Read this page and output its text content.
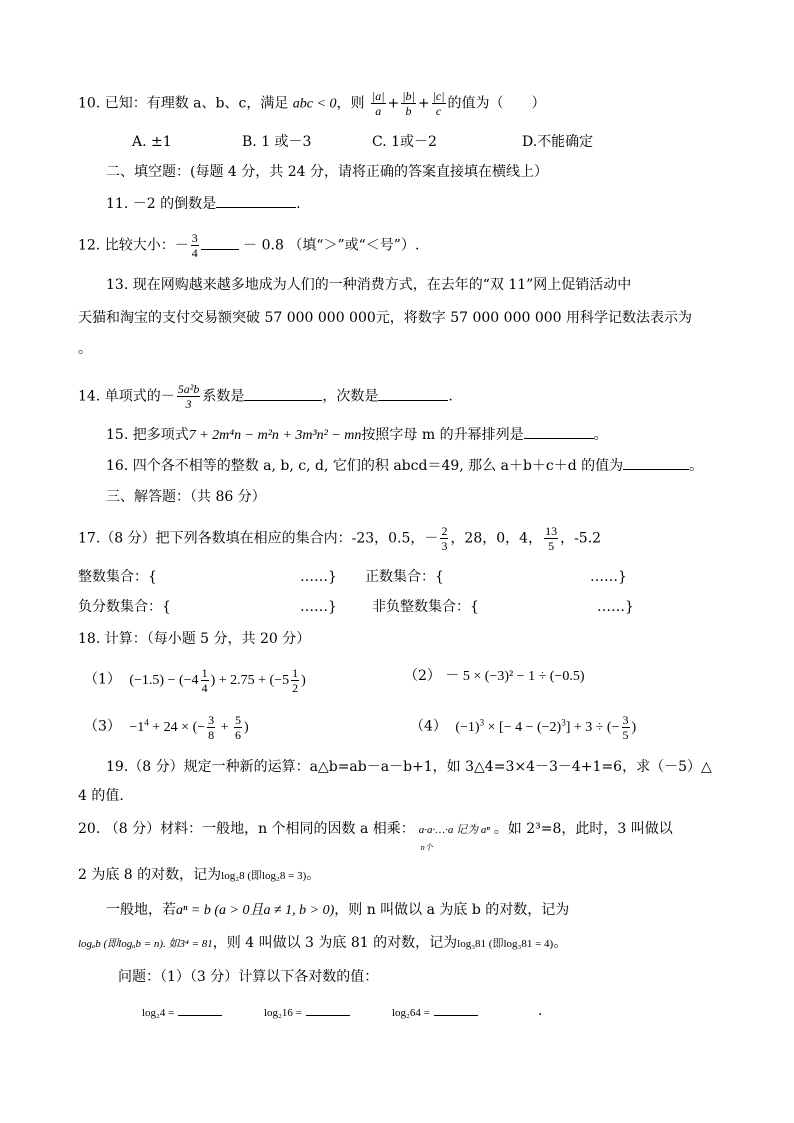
10. 已知：有理数 a、b、c，满足 abc < 0，则 $\frac{|a|}{a} + \frac{|b|}{b} + \frac{|c|}{c}$ 的值为（　　）
A. ±1	B. 1 或－3	C. 1或－2	D.不能确定
二、填空题：(每题 4 分，共 24 分，请将正确的答案直接填在横线上）
11. －2 的倒数是	.
12. 比较大小：－ $\frac{3}{4}$	－ 0.8 （填“＞”或“＜号”）.
13. 现在网购越来越多地成为人们的一种消费方式，在去年的“双 11”网上促销活动中
天猫和淘宝的支付交易额突破 57 000 000 000元，将数字 57 000 000 000 用科学记数法表示为
。
14. 单项式的－ $\frac{\text{5a²b}}{3}$ 系数是	，次数是	.
15. 把多项式7 + 2m⁴n − m²n + 3m³n² − mn按照字母 m 的升幂排列是	。
16. 四个各不相等的整数 a, b, c, d, 它们的积 abcd＝49, 那么 a＋b＋c＋d 的值为	。
三、解答题：（共 86 分）
17.（8 分）把下列各数填在相应的集合内：-23，0.5，－ $\frac{2}{3}$ ，28，0，4， $\frac{13}{5}$ ，-5.2
整数集合：{	……} 正数集合：{	……}
负分数集合：{	……}	非负整数集合：{	……}
18. 计算：（每小题 5 分，共 20 分）
（1） $(-1.5) - (-4 \frac{1}{4}$ ) + $2.75 + (-5 \frac{1}{2}$ )	（2） － 5 × (−3)² − 1 ÷ (−0.5)
$(3) -1^4 + 24$ × (− $\frac{3}{8} + \frac{5}{6}$ )	（4） $(-1)^3$ × [− $4 - (-2)^3] + 3$ ÷ (− $\frac{3}{5}$ )
19.（8 分）规定一种新的运算：a△b=ab－a－b+1，如 3△4=3×4－3－4+1=6，求（－5）△
4 的值.
20. （8 分）材料：一般地，n 个相同的因数 a 相乘： a·a·…·a 记为 aⁿ
n个
。如 2³=8，此时，3 叫做以
2 为底 8 的对数，记为log₂8 (即log₂8 = 3)。
一般地，若aⁿ = b (a > 0且a ≠ 1, b > 0)，则 n 叫做以 a 为底 b 的对数，记为
logₐb (即logₐb = n). 如3⁴ = 81，则 4 叫做以 3 为底 81 的对数，记为log₃81 (即log₃81 = 4)。
问题：（1）（3 分）计算以下各对数的值：
log₂4 =	log₂16 =	log₂64 =	.
